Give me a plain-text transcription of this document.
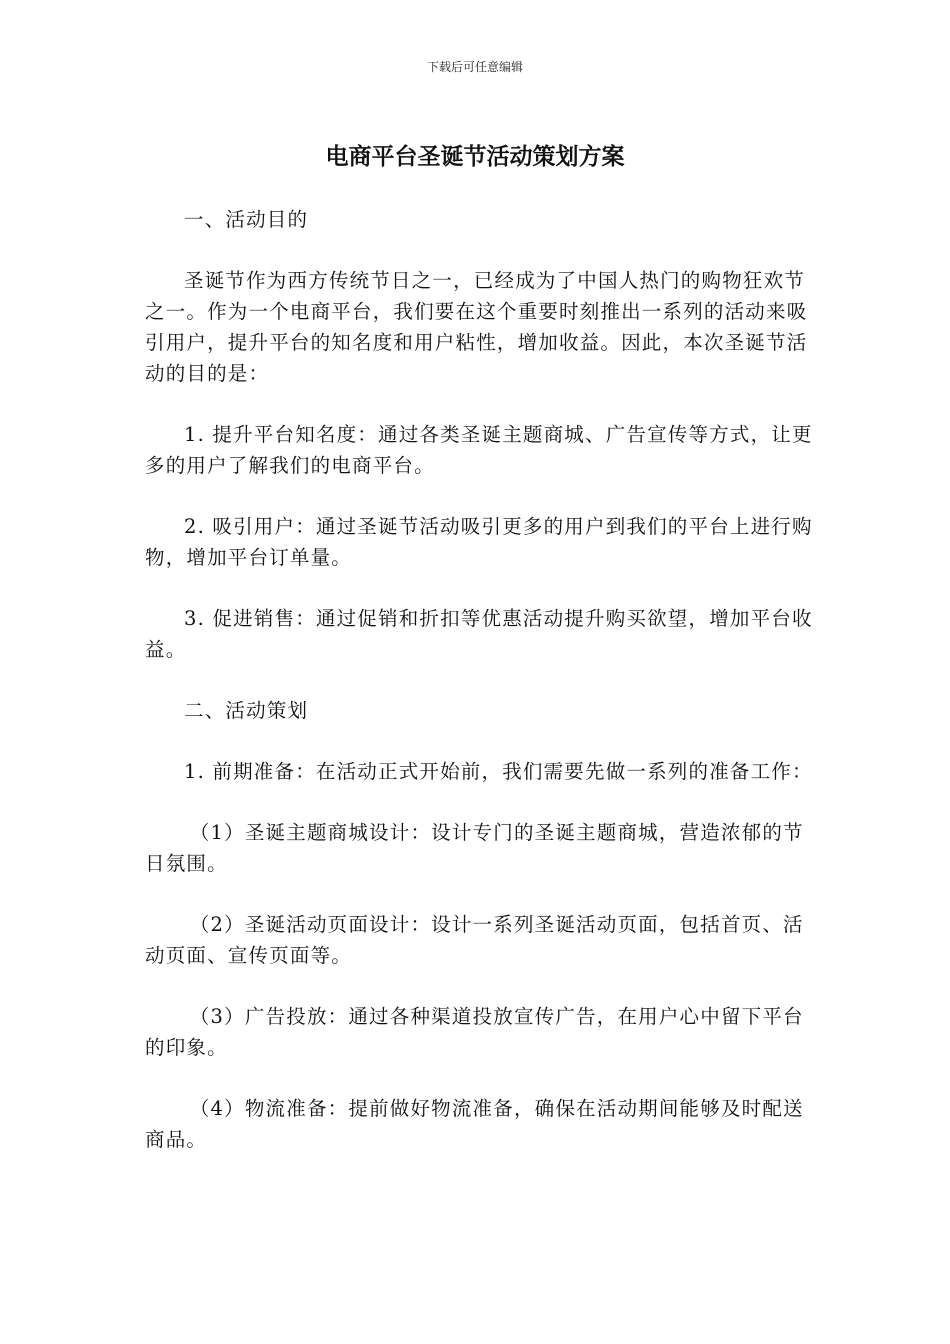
下载后可任意编辑
电商平台圣诞节活动策划方案

一、活动目的

圣诞节作为西方传统节日之一，已经成为了中国人热门的购物狂欢节之一。作为一个电商平台，我们要在这个重要时刻推出一系列的活动来吸引用户，提升平台的知名度和用户粘性，增加收益。因此，本次圣诞节活动的目的是：

1. 提升平台知名度：通过各类圣诞主题商城、广告宣传等方式，让更多的用户了解我们的电商平台。

2. 吸引用户：通过圣诞节活动吸引更多的用户到我们的平台上进行购物，增加平台订单量。

3. 促进销售：通过促销和折扣等优惠活动提升购买欲望，增加平台收益。

二、活动策划

1. 前期准备：在活动正式开始前，我们需要先做一系列的准备工作：

（1）圣诞主题商城设计：设计专门的圣诞主题商城，营造浓郁的节日氛围。

（2）圣诞活动页面设计：设计一系列圣诞活动页面，包括首页、活动页面、宣传页面等。

（3）广告投放：通过各种渠道投放宣传广告，在用户心中留下平台的印象。

（4）物流准备：提前做好物流准备，确保在活动期间能够及时配送商品。
